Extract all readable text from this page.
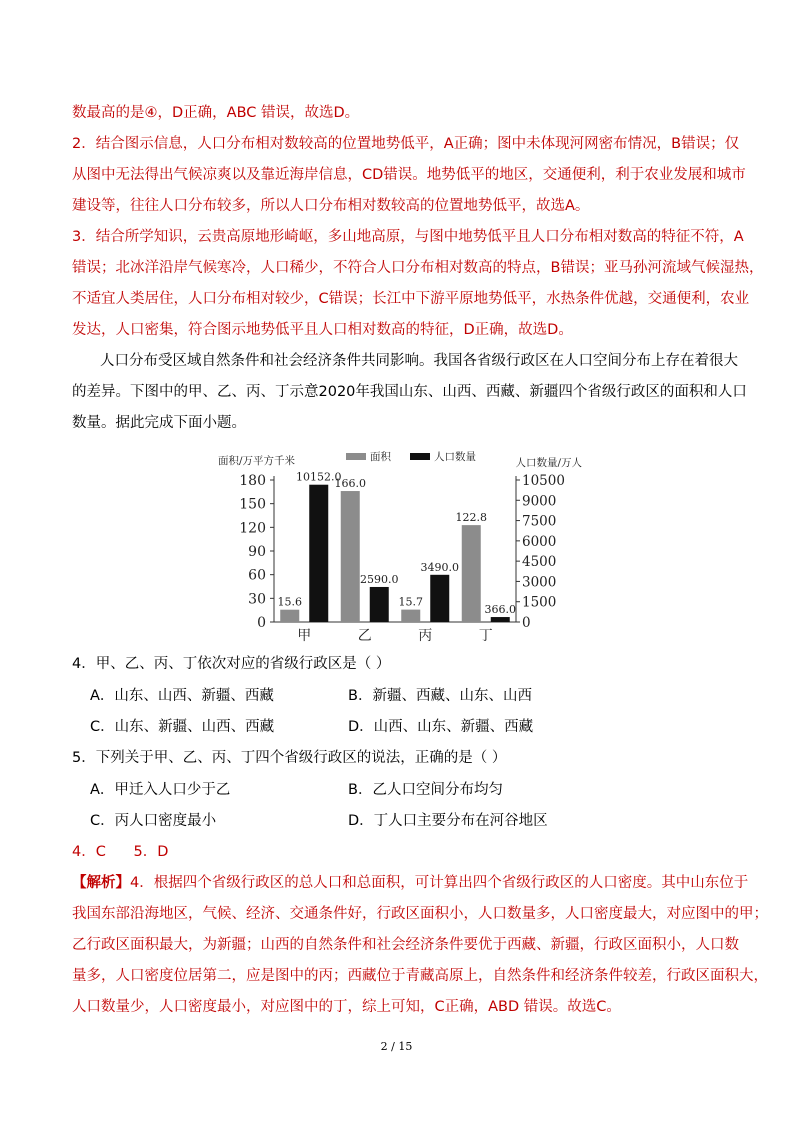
数最高的是④，D正确，ABC 错误，故选D。
2．结合图示信息，人口分布相对数较高的位置地势低平，A正确；图中未体现河网密布情况，B错误；仅
从图中无法得出气候凉爽以及靠近海岸信息，CD错误。地势低平的地区，交通便利，利于农业发展和城市
建设等，往往人口分布较多，所以人口分布相对数较高的位置地势低平，故选A。
3．结合所学知识，云贵高原地形崎岖，多山地高原，与图中地势低平且人口分布相对数高的特征不符，A
错误；北冰洋沿岸气候寒冷，人口稀少，不符合人口分布相对数高的特点，B错误；亚马孙河流域气候湿热，
不适宜人类居住，人口分布相对较少，C错误；长江中下游平原地势低平，水热条件优越，交通便利，农业
发达，人口密集，符合图示地势低平且人口相对数高的特征，D正确，故选D。
人口分布受区域自然条件和社会经济条件共同影响。我国各省级行政区在人口空间分布上存在着很大
的差异。下图中的甲、乙、丙、丁示意2020年我国山东、山西、西藏、新疆四个省级行政区的面积和人口
数量。据此完成下面小题。
面积/万平方千米	人口数量/万人
面积	人口数量
0
30
60
90
120
150
180
0
1500
3000
4500
6000
7500
9000
10500
甲
15.6
10152.0
乙
166.0
2590.0
丙
15.7
3490.0
丁
122.8
366.0
4．甲、乙、丙、丁依次对应的省级行政区是（ ）
A．山东、山西、新疆、西藏	B．新疆、西藏、山东、山西
C．山东、新疆、山西、西藏	D．山西、山东、新疆、西藏
5．下列关于甲、乙、丙、丁四个省级行政区的说法，正确的是（ ）
A．甲迁入人口少于乙	B．乙人口空间分布均匀
C．丙人口密度最小	D．丁人口主要分布在河谷地区
4．C      5．D
【解析】4．根据四个省级行政区的总人口和总面积，可计算出四个省级行政区的人口密度。其中山东位于
我国东部沿海地区，气候、经济、交通条件好，行政区面积小，人口数量多，人口密度最大，对应图中的甲；
乙行政区面积最大，为新疆；山西的自然条件和社会经济条件要优于西藏、新疆，行政区面积小，人口数
量多，人口密度位居第二，应是图中的丙；西藏位于青藏高原上，自然条件和经济条件较差，行政区面积大，
人口数量少，人口密度最小，对应图中的丁，综上可知，C正确，ABD 错误。故选C。
2 / 15
